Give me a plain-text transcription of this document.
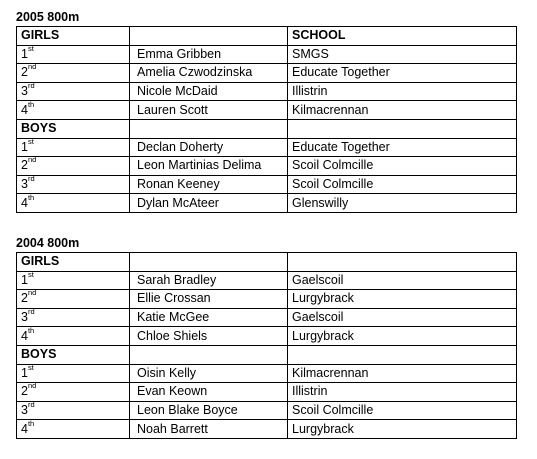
2005 800m
GIRLS		SCHOOL
1st	Emma Gribben	SMGS
2nd	Amelia Czwodzinska	Educate Together
3rd	Nicole McDaid	Illistrin
4th	Lauren Scott	Kilmacrennan
BOYS		
1st	Declan Doherty	Educate Together
2nd	Leon Martinias Delima	Scoil Colmcille
3rd	Ronan Keeney	Scoil Colmcille
4th	Dylan McAteer	Glenswilly
2004 800m
GIRLS		
1st	Sarah Bradley	Gaelscoil
2nd	Ellie Crossan	Lurgybrack
3rd	Katie McGee	Gaelscoil
4th	Chloe Shiels	Lurgybrack
BOYS		
1st	Oisin Kelly	Kilmacrennan
2nd	Evan Keown	Illistrin
3rd	Leon Blake Boyce	Scoil Colmcille
4th	Noah Barrett	Lurgybrack
